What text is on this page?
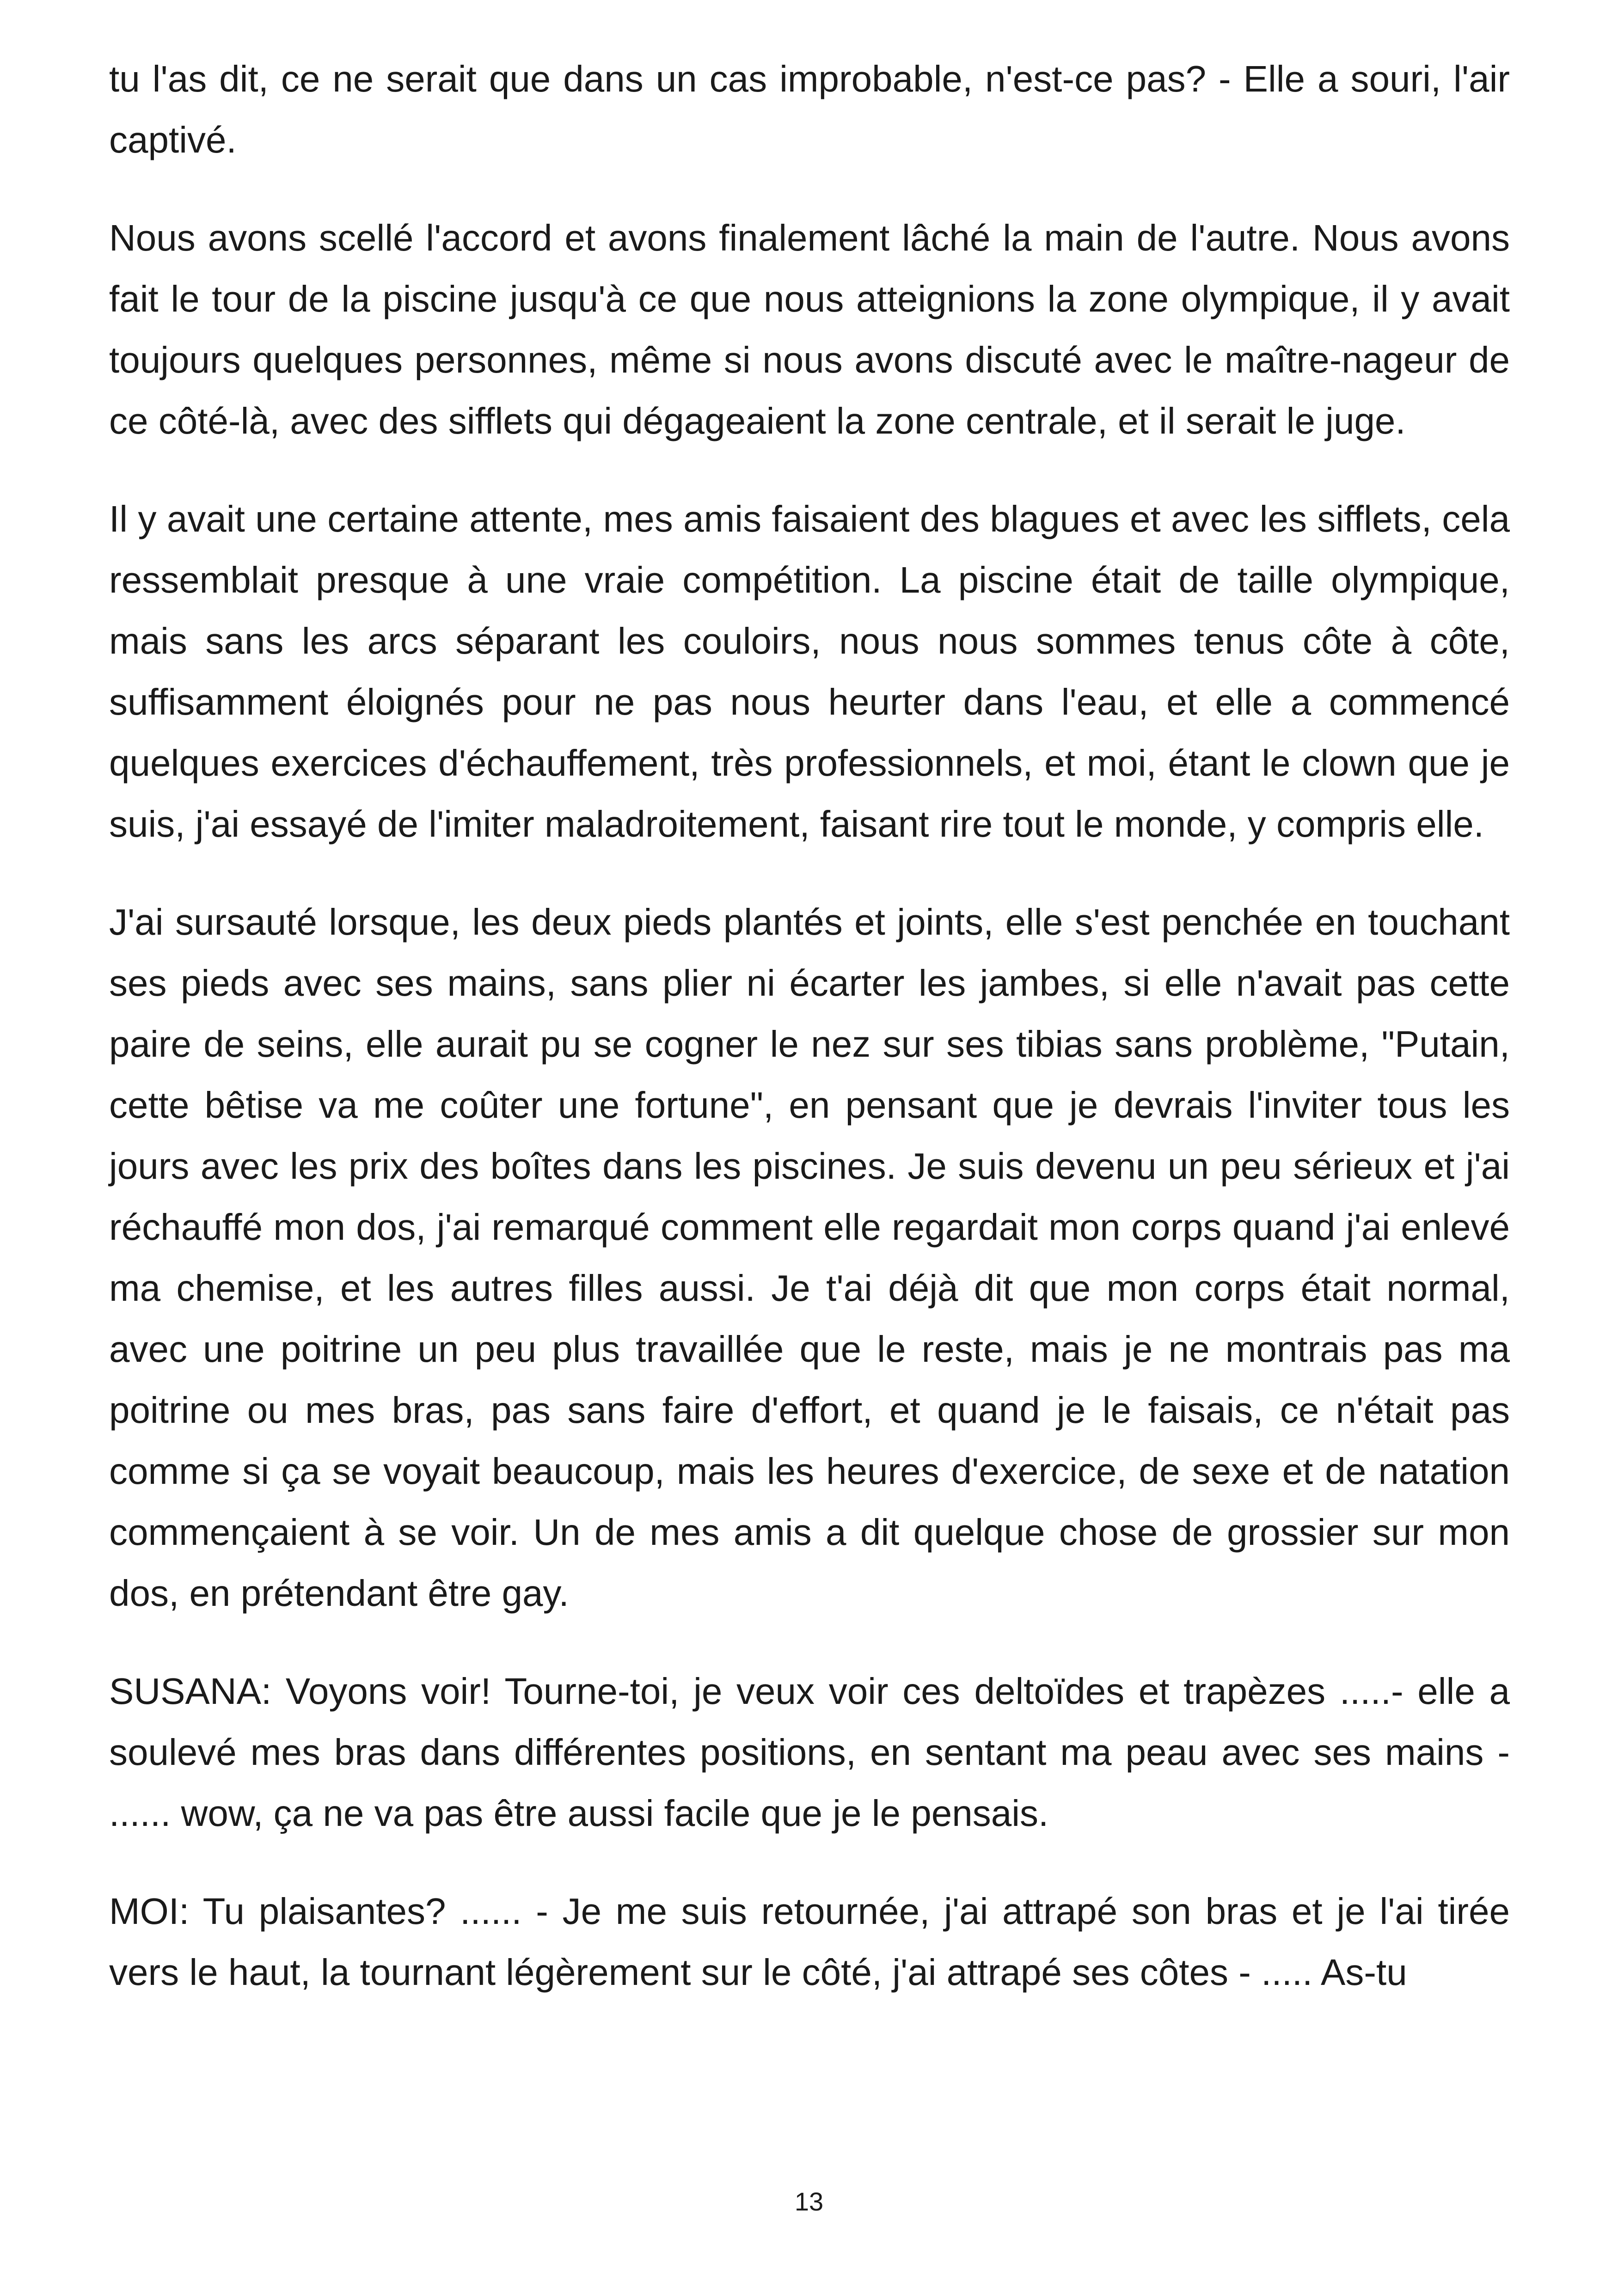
tu l'as dit, ce ne serait que dans un cas improbable, n'est-ce pas? - Elle a souri, l'air captivé.

Nous avons scellé l'accord et avons finalement lâché la main de l'autre. Nous avons fait le tour de la piscine jusqu'à ce que nous atteignions la zone olympique, il y avait toujours quelques personnes, même si nous avons discuté avec le maître-nageur de ce côté-là, avec des sifflets qui dégageaient la zone centrale, et il serait le juge.

Il y avait une certaine attente, mes amis faisaient des blagues et avec les sifflets, cela ressemblait presque à une vraie compétition. La piscine était de taille olympique, mais sans les arcs séparant les couloirs, nous nous sommes tenus côte à côte, suffisamment éloignés pour ne pas nous heurter dans l'eau, et elle a commencé quelques exercices d'échauffement, très professionnels, et moi, étant le clown que je suis, j'ai essayé de l'imiter maladroitement, faisant rire tout le monde, y compris elle.

J'ai sursauté lorsque, les deux pieds plantés et joints, elle s'est penchée en touchant ses pieds avec ses mains, sans plier ni écarter les jambes, si elle n'avait pas cette paire de seins, elle aurait pu se cogner le nez sur ses tibias sans problème, "Putain, cette bêtise va me coûter une fortune", en pensant que je devrais l'inviter tous les jours avec les prix des boîtes dans les piscines. Je suis devenu un peu sérieux et j'ai réchauffé mon dos, j'ai remarqué comment elle regardait mon corps quand j'ai enlevé ma chemise, et les autres filles aussi. Je t'ai déjà dit que mon corps était normal, avec une poitrine un peu plus travaillée que le reste, mais je ne montrais pas ma poitrine ou mes bras, pas sans faire d'effort, et quand je le faisais, ce n'était pas comme si ça se voyait beaucoup, mais les heures d'exercice, de sexe et de natation commençaient à se voir. Un de mes amis a dit quelque chose de grossier sur mon dos, en prétendant être gay.

SUSANA: Voyons voir! Tourne-toi, je veux voir ces deltoïdes et trapèzes .....- elle a soulevé mes bras dans différentes positions, en sentant ma peau avec ses mains - ...... wow, ça ne va pas être aussi facile que je le pensais.

MOI: Tu plaisantes? ...... - Je me suis retournée, j'ai attrapé son bras et je l'ai tirée vers le haut, la tournant légèrement sur le côté, j'ai attrapé ses côtes - ..... As-tu

13
